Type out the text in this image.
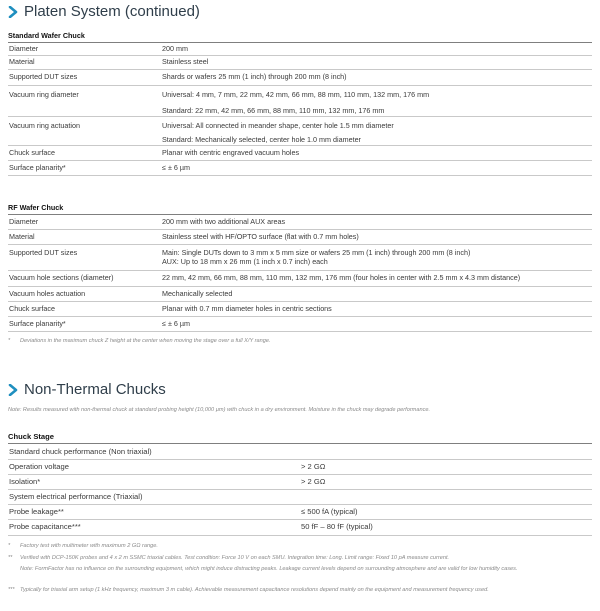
Platen System (continued)
Standard Wafer Chuck
Diameter	200 mm
Material	Stainless steel
Supported DUT sizes	Shards or wafers 25 mm (1 inch) through 200 mm (8 inch)
Vacuum ring diameter	Universal: 4 mm, 7 mm, 22 mm, 42 mm, 66 mm, 88 mm, 110 mm, 132 mm, 176 mm
Standard: 22 mm, 42 mm, 66 mm, 88 mm, 110 mm, 132 mm, 176 mm

Vacuum ring actuation	Universal: All connected in meander shape, center hole 1.5 mm diameter
Standard: Mechanically selected, center hole 1.0 mm diameter

Chuck surface	Planar with centric engraved vacuum holes
Surface planarity*	≤ ± 6 µm
RF Wafer Chuck
Diameter	200 mm with two additional AUX areas
Material	Stainless steel with HF/OPTO surface (flat with 0.7 mm holes)
Supported DUT sizes	Main: Single DUTs down to 3 mm x 5 mm size or wafers 25 mm (1 inch) through 200 mm (8 inch)
AUX: Up to 18 mm x 26 mm (1 inch x 0.7 inch) each

Vacuum hole sections (diameter)	22 mm, 42 mm, 66 mm, 88 mm, 110 mm, 132 mm, 176 mm (four holes in center with 2.5 mm x 4.3 mm distance)
Vacuum holes actuation	Mechanically selected
Chuck surface	Planar with 0.7 mm diameter holes in centric sections
Surface planarity*	≤ ± 6 µm
* Deviations in the maximum chuck Z height at the center when moving the stage over a full X/Y range.
Non-Thermal Chucks
Note: Results measured with non-thermal chuck at standard probing height (10,000 µm) with chuck in a dry environment. Moisture in the chuck may degrade performance.
Chuck Stage
Standard chuck performance (Non triaxial)	
Operation voltage	> 2 GΩ
Isolation*	> 2 GΩ
System electrical performance (Triaxial)	
Probe leakage**	≤ 500 fA (typical)
Probe capacitance***	50 fF – 80 fF (typical)
* Factory test with multimeter with maximum 2 GΩ range.
** Verified with DCP-150K probes and 4 x 2 m SSMC triaxial cables. Test condition: Force 10 V on each SMU. Integration time: Long. Limit range: Fixed 10 pA measure current.
Note: FormFactor has no influence on the surrounding equipment, which might induce distracting peaks. Leakage current levels depend on surrounding atmosphere and are valid for low humidity cases.
*** Typically for triaxial arm setup (1 kHz frequency, maximum 3 m cable). Achievable measurement capacitance resolutions depend mainly on the equipment and measurement frequency used.
